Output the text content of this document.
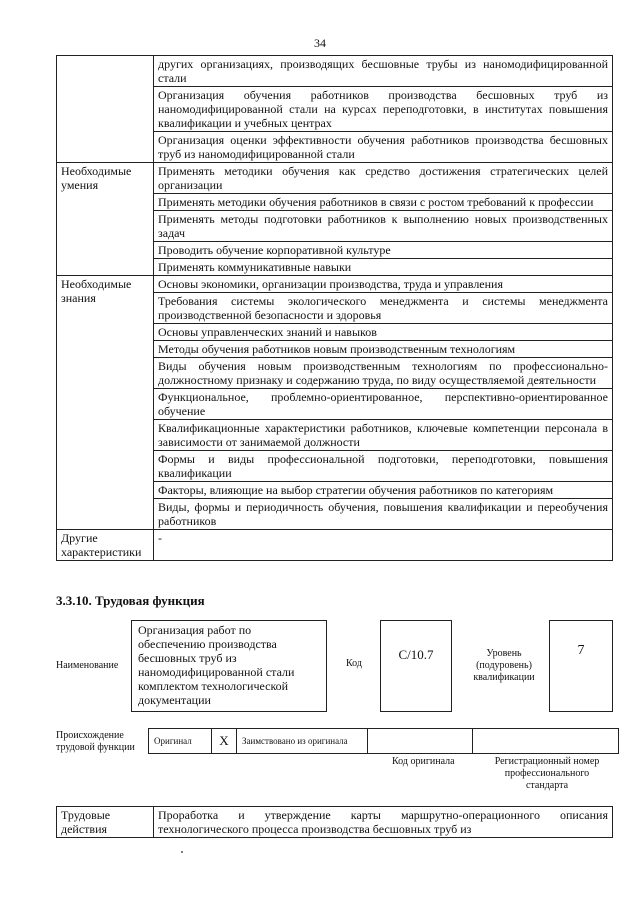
34
	других организациях, производящих бесшовные трубы из наномодифицированной стали
	Организация обучения работников производства бесшовных труб из наномодифицированной стали на курсах переподготовки, в институтах повышения квалификации и учебных центрах
	Организация оценки эффективности обучения работников производства бесшовных труб из наномодифицированной стали
Необходимые умения	Применять методики обучения как средство достижения стратегических целей организации
	Применять методики обучения работников в связи с ростом требований к профессии
	Применять методы подготовки работников к выполнению новых производственных задач
	Проводить обучение корпоративной культуре
	Применять коммуникативные навыки
Необходимые знания	Основы экономики, организации производства, труда и управления
	Требования системы экологического менеджмента и системы менеджмента производственной безопасности и здоровья
	Основы управленческих знаний и навыков
	Методы обучения работников новым производственным технологиям
	Виды обучения новым производственным технологиям по профессионально-должностному признаку и содержанию труда, по виду осуществляемой деятельности
	Функциональное, проблемно-ориентированное, перспективно-ориентированное обучение
	Квалификационные характеристики работников, ключевые компетенции персонала в зависимости от занимаемой должности
	Формы и виды профессиональной подготовки, переподготовки, повышения квалификации
	Факторы, влияющие на выбор стратегии обучения работников по категориям
	Виды, формы и периодичность обучения, повышения квалификации и переобучения работников
Другие характеристики	-
3.3.10. Трудовая функция
Наименование
Организация работ по обеспечению производства бесшовных труб из наномодифицированной стали комплектом технологической документации
Код
C/10.7	Уровень (подуровень) квалификации
7
Происхождение трудовой функции
Оригинал	X	Заимствовано из оригинала		
Код оригинала	Регистрационный номер профессионального стандарта
Трудовые действия	Проработка и утверждение карты маршрутно-операционного описания технологического процесса производства бесшовных труб из
